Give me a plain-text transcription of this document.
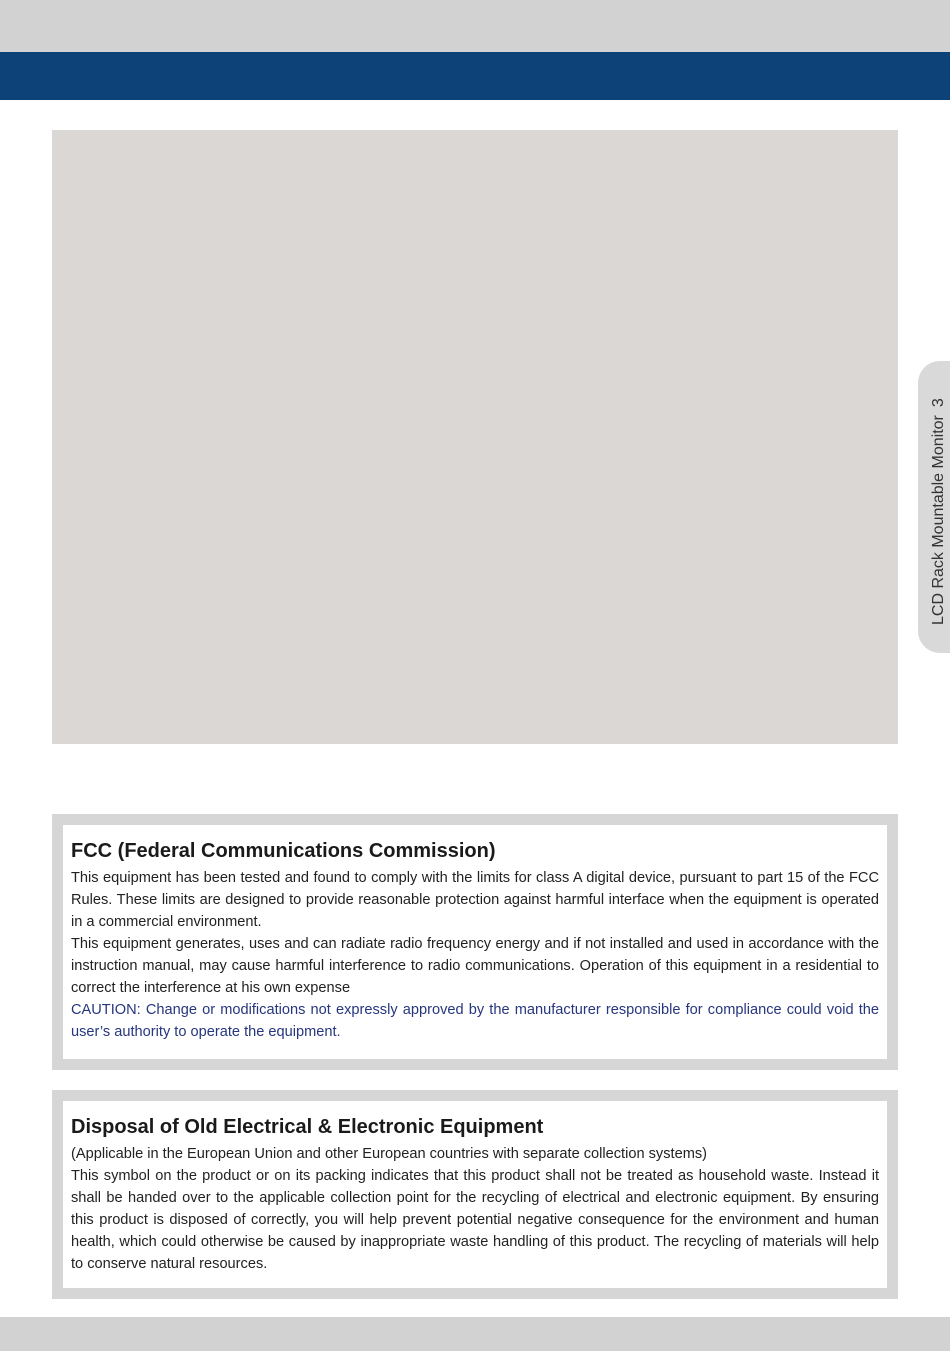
LCD Rack Mountable Monitor3
FCC (Federal Communications Commission)

This equipment has been tested and found to comply with the limits for class A digital device, pursuant to part 15 of the FCC Rules. These limits are designed to provide reasonable protection against harmful interface when the equipment is operated in a commercial environment.

This equipment generates, uses and can radiate radio frequency energy and if not installed and used in accordance with the instruction manual, may cause harmful interference to radio communications. Operation of this equipment in a residential to correct the interference at his own expense

CAUTION: Change or modifications not expressly approved by the manufacturer responsible for compliance could void the user’s authority to operate the equipment.

Disposal of Old Electrical & Electronic Equipment

(Applicable in the European Union and other European countries with separate collection systems)

This symbol on the product or on its packing indicates that this product shall not be treated as household waste. Instead it shall be handed over to the applicable collection point for the recycling of electrical and electronic equipment. By ensuring this product is disposed of correctly, you will help prevent potential negative consequence for the environment and human health, which could otherwise be caused by inappropriate waste handling of this product. The recycling of materials will help to conserve natural resources.
